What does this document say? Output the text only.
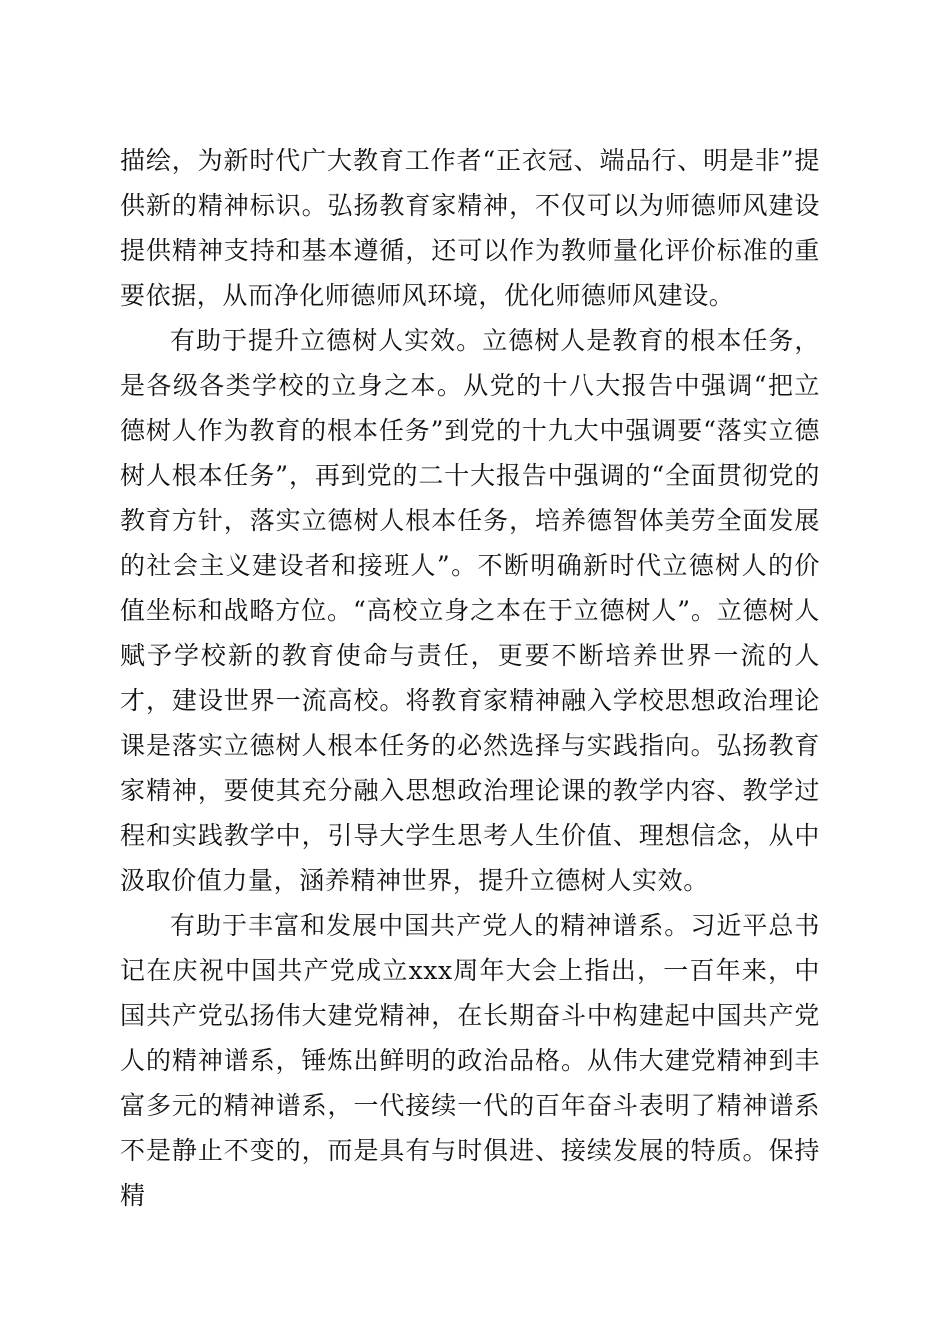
描绘，为新时代广大教育工作者“正衣冠、端品行、明是非”提供新的精神标识。弘扬教育家精神，不仅可以为师德师风建设提供精神支持和基本遵循，还可以作为教师量化评价标准的重要依据，从而净化师德师风环境，优化师德师风建设。

有助于提升立德树人实效。立德树人是教育的根本任务，是各级各类学校的立身之本。从党的十八大报告中强调“把立德树人作为教育的根本任务”到党的十九大中强调要“落实立德树人根本任务”，再到党的二十大报告中强调的“全面贯彻党的教育方针，落实立德树人根本任务，培养德智体美劳全面发展的社会主义建设者和接班人”。不断明确新时代立德树人的价值坐标和战略方位。“高校立身之本在于立德树人”。立德树人赋予学校新的教育使命与责任，更要不断培养世界一流的人才，建设世界一流高校。将教育家精神融入学校思想政治理论课是落实立德树人根本任务的必然选择与实践指向。弘扬教育家精神，要使其充分融入思想政治理论课的教学内容、教学过程和实践教学中，引导大学生思考人生价值、理想信念，从中汲取价值力量，涵养精神世界，提升立德树人实效。

有助于丰富和发展中国共产党人的精神谱系。习近平总书记在庆祝中国共产党成立xxx周年大会上指出，一百年来，中国共产党弘扬伟大建党精神，在长期奋斗中构建起中国共产党人的精神谱系，锤炼出鲜明的政治品格。从伟大建党精神到丰富多元的精神谱系，一代接续一代的百年奋斗表明了精神谱系不是静止不变的，而是具有与时俱进、接续发展的特质。保持精
